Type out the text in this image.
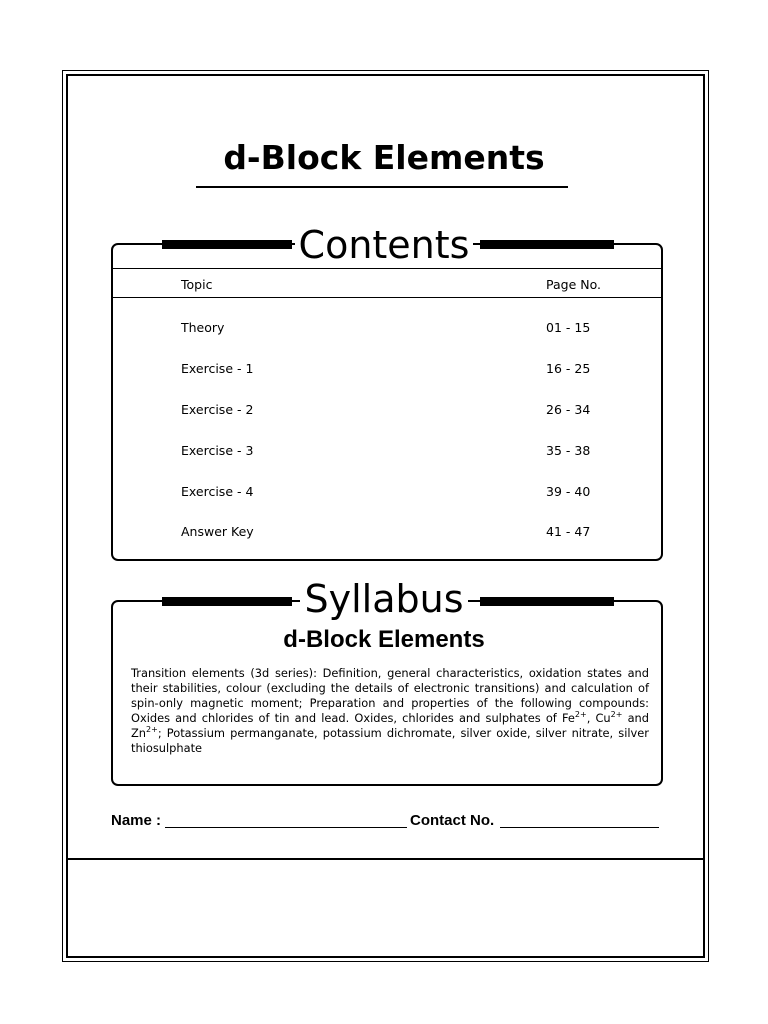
d-Block Elements
Contents
Topic	Page No.
Theory	01 - 15
Exercise - 1	16 - 25
Exercise - 2	26 - 34
Exercise - 3	35 - 38
Exercise - 4	39 - 40
Answer Key	41 - 47
Syllabus
d-Block Elements
Transition elements (3d series): Definition, general characteristics, oxidation states and their stabilities, colour (excluding the details of electronic transitions) and calculation of spin-only magnetic moment; Preparation and properties of the following compounds: Oxides and chlorides of tin and lead. Oxides, chlorides and sulphates of $Fe^{2+}$, $Cu^{2+}$ and $Zn^{2+}$; Potassium permanganate, potassium dichromate, silver oxide, silver nitrate, silver thiosulphate
Name :	Contact No.
